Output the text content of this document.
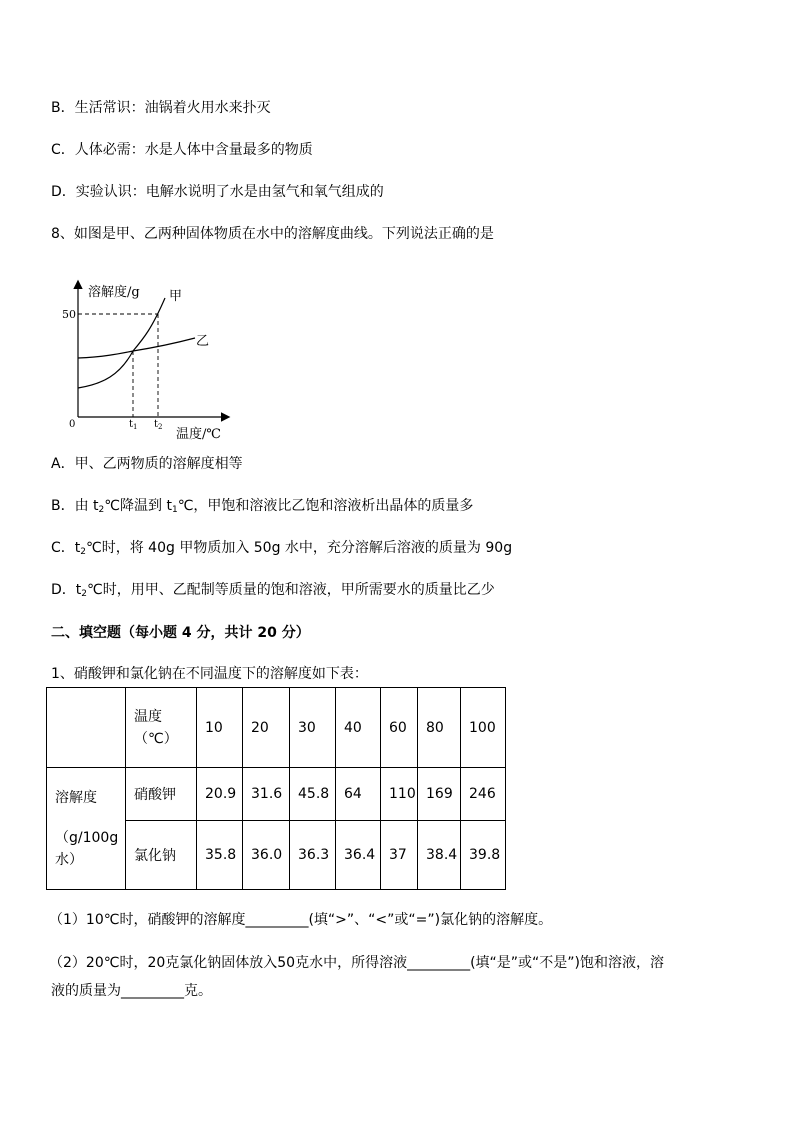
B．生活常识：油锅着火用水来扑灭
C．人体必需：水是人体中含量最多的物质
D．实验认识：电解水说明了水是由氢气和氧气组成的
8、如图是甲、乙两种固体物质在水中的溶解度曲线。下列说法正确的是
溶解度/g 甲
乙
50
0	$t_1$ $t_2$ 温度/℃
A．甲、乙两物质的溶解度相等
B．由 $t_2℃$降温到 $t_1℃$，甲饱和溶液比乙饱和溶液析出晶体的质量多
C．$t_2℃$时，将 40g 甲物质加入 50g 水中，充分溶解后溶液的质量为 90g
D．$t_2℃$时，用甲、乙配制等质量的饱和溶液，甲所需要水的质量比乙少
二、填空题（每小题 4 分，共计 20 分）
1、硝酸钾和氯化钠在不同温度下的溶解度如下表：

	温度
（℃）	10	20	30	40	60	80	100

溶解度
（g/100g
水）	硝酸钾	20.9	31.6	45.8	64	110	169	246
	氯化钠	35.8	36.0	36.3	36.4	37	38.4	39.8
（1）10℃时，硝酸钾的溶解度_________(填“>”、“<”或“=”)氯化钠的溶解度。
（2）20℃时，20克氯化钠固体放入50克水中，所得溶液_________(填“是”或“不是”)饱和溶液，溶
液的质量为_________克。
